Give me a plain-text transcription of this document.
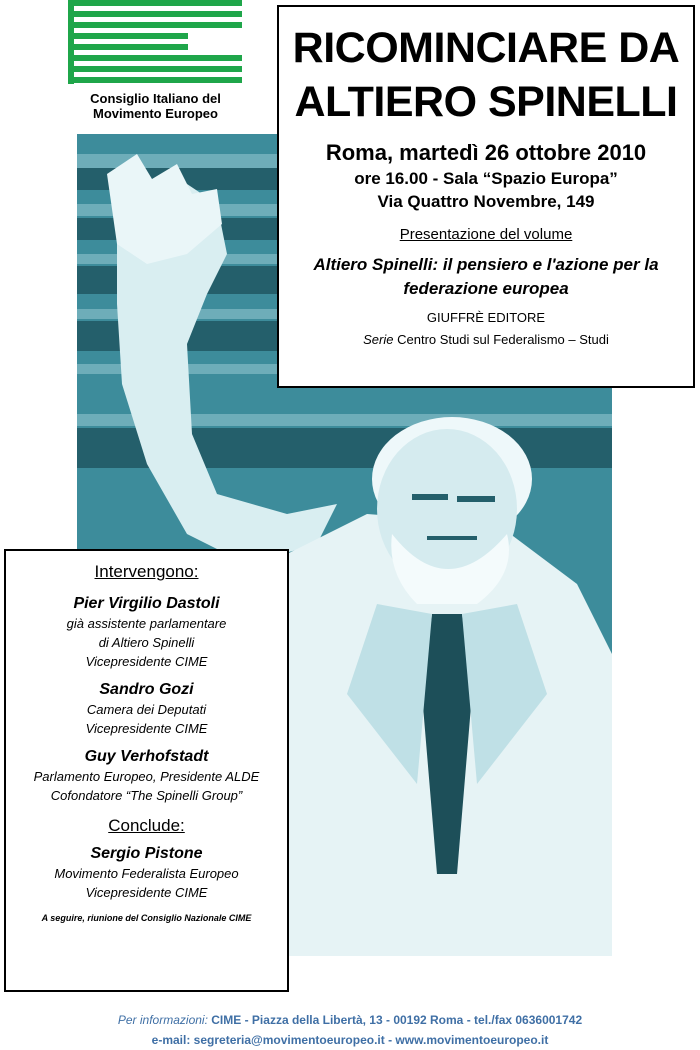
Consiglio Italiano del
Movimento Europeo
RICOMINCIARE DA
ALTIERO SPINELLI
Roma, martedì 26 ottobre 2010
ore 16.00 - Sala “Spazio Europa”
Via Quattro Novembre, 149
Presentazione del volume
Altiero Spinelli: il pensiero e l'azione per la
federazione europea
GIUFFRÈ EDITORE
Serie Centro Studi sul Federalismo – Studi
Intervengono:
Pier Virgilio Dastoli
già assistente parlamentare
di Altiero Spinelli
Vicepresidente CIME
Sandro Gozi
Camera dei Deputati
Vicepresidente CIME
Guy Verhofstadt
Parlamento Europeo, Presidente ALDE
Cofondatore “The Spinelli Group”
Conclude:
Sergio Pistone
Movimento Federalista Europeo
Vicepresidente CIME
A seguire, riunione del Consiglio Nazionale CIME
Per informazioni: CIME - Piazza della Libertà, 13 - 00192 Roma - tel./fax 0636001742
e-mail: segreteria@movimentoeuropeo.it - www.movimentoeuropeo.it
